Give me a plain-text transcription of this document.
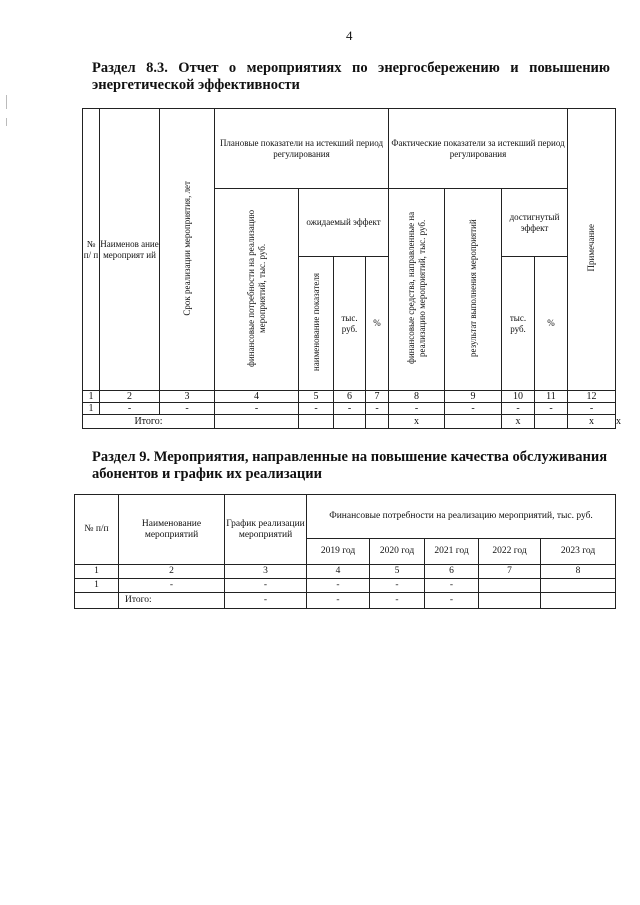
4
Раздел 8.3. Отчет о мероприятиях по энергосбережению и повышению энергетической эффективности
№ п/ п	Наименов ание мероприят ий	Срок реализации мероприятия, лет	Плановые показатели на истекший период регулирования				Фактические показатели за истекший период регулирования				Примечание	
			финансовые потребности на реализацию мероприятий, тыс. руб.	ожидаемый эффект			финансовые средства, направленные на реализацию мероприятий, тыс. руб.	результат выполнения мероприятий	достигнутый эффект			
				наименование показателя	тыс. руб.	%			тыс. руб.	%		
1	2	3	4	5	6	7	8	9	10	11	12	
1	-	-	-	-	-	-	-	-	-	-	-	
Итого:							x		x		x	x
Раздел 9. Мероприятия, направленные на повышение качества обслуживания абонентов и график их реализации
№ п/п	Наименование мероприятий	График реализации мероприятий	Финансовые потребности на реализацию мероприятий, тыс. руб.				
			2019 год	2020 год	2021 год	2022 год	2023 год
1	2	3	4	5	6	7	8
1	-	-	-	-	-		
	Итого:	-	-	-	-		
